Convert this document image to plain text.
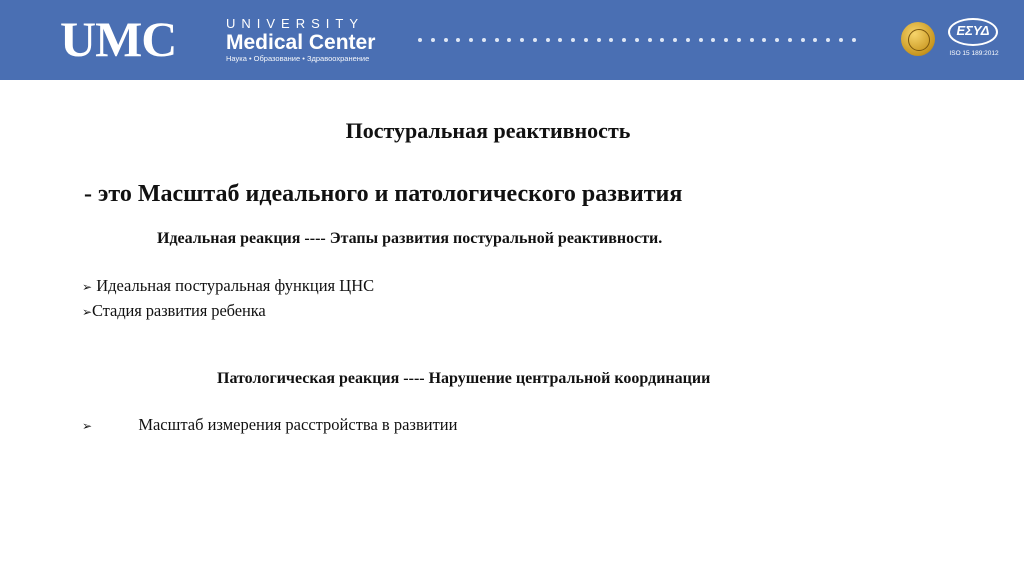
UMC	UNIVERSITY
Medical Center
Наука • Образование • Здравоохранение
ΕΣΥΔ
ISO 15 189:2012
Постуральная реактивность
- это Масштаб идеального и патологического развития
Идеальная реакция ---- Этапы развития постуральной реактивности.
➢ Идеальная постуральная функция ЦНС
➢Стадия развития ребенка
Патологическая реакция ---- Нарушение центральной координации
➢	Масштаб измерения расстройства в развитии
